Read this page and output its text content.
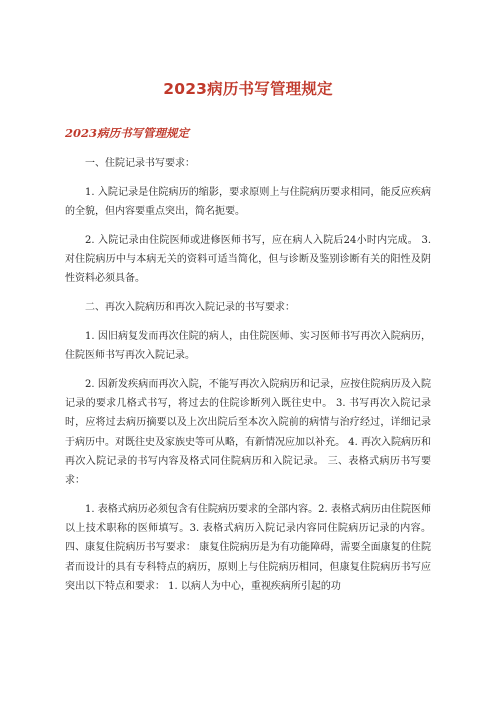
2023病历书写管理规定
2023病历书写管理规定

一、住院记录书写要求：

1. 入院记录是住院病历的缩影，要求原则上与住院病历要求相同，能反应疾病的全貌，但内容要重点突出，简名扼要。

2. 入院记录由住院医师或进修医师书写，应在病人入院后24小时内完成。 3. 对住院病历中与本病无关的资料可适当简化，但与诊断及鉴别诊断有关的阳性及阴性资料必须具备。

二、再次入院病历和再次入院记录的书写要求：

1. 因旧病复发而再次住院的病人，由住院医师、实习医师书写再次入院病历，住院医师书写再次入院记录。

2. 因新发疾病而再次入院，不能写再次入院病历和记录，应按住院病历及入院记录的要求几格式书写，将过去的住院诊断列入既往史中。 3. 书写再次入院记录时，应将过去病历摘要以及上次出院后至本次入院前的病情与治疗经过，详细记录于病历中。对既往史及家族史等可从略，有新情况应加以补充。 4. 再次入院病历和再次入院记录的书写内容及格式同住院病历和入院记录。 三、表格式病历书写要求：

1. 表格式病历必须包含有住院病历要求的全部内容。2. 表格式病历由住院医师以上技术职称的医师填写。3. 表格式病历入院记录内容同住院病历记录的内容。 四、康复住院病历书写要求： 康复住院病历是为有功能障碍，需要全面康复的住院者而设计的具有专科特点的病历，原则上与住院病历相同，但康复住院病历书写应突出以下特点和要求： 1. 以病人为中心，重视疾病所引起的功
